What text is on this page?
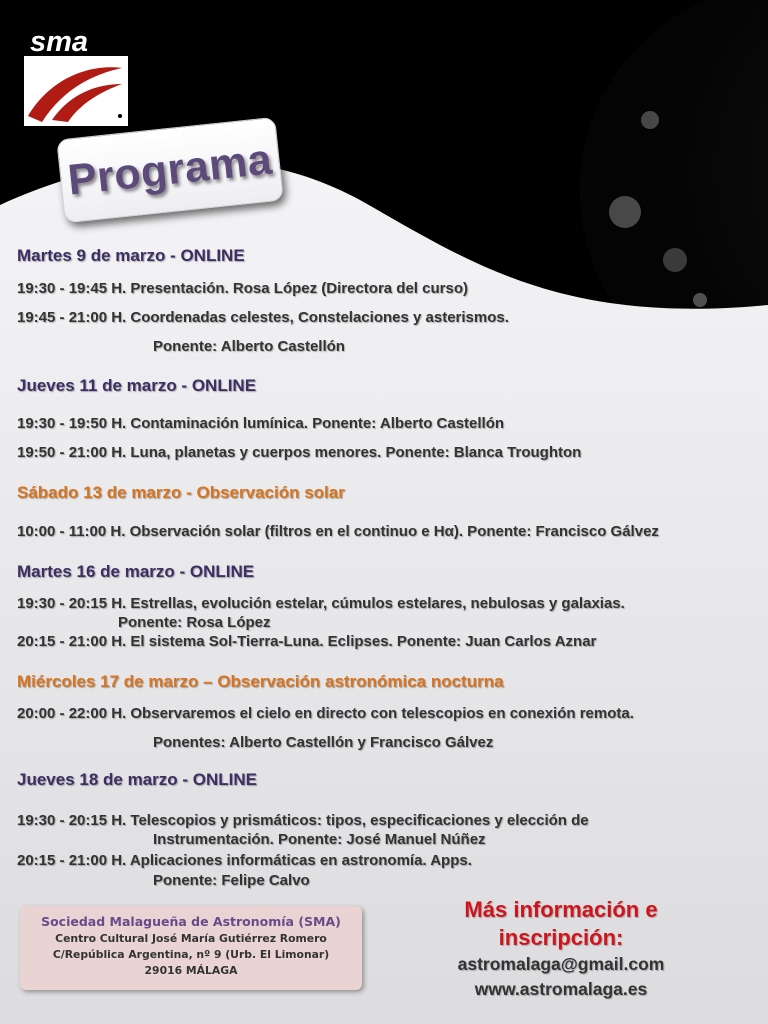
sma
Programa
Martes 9 de marzo - ONLINE
19:30 - 19:45 H. Presentación. Rosa López (Directora del curso)
19:45 - 21:00 H. Coordenadas celestes, Constelaciones y asterismos.
Ponente: Alberto Castellón
Jueves 11 de marzo - ONLINE
19:30 - 19:50 H. Contaminación lumínica. Ponente: Alberto Castellón
19:50 - 21:00 H. Luna, planetas y cuerpos menores. Ponente: Blanca Troughton
Sábado 13 de marzo - Observación solar
10:00 - 11:00 H. Observación solar (filtros en el continuo e Hα). Ponente: Francisco Gálvez
Martes 16 de marzo - ONLINE
19:30 - 20:15 H. Estrellas, evolución estelar, cúmulos estelares, nebulosas y galaxias.
Ponente: Rosa López
20:15 - 21:00 H. El sistema Sol-Tierra-Luna. Eclipses. Ponente: Juan Carlos Aznar
Miércoles 17 de marzo – Observación astronómica nocturna
20:00 - 22:00 H. Observaremos el cielo en directo con telescopios en conexión remota.
Ponentes: Alberto Castellón y Francisco Gálvez
Jueves 18 de marzo - ONLINE
19:30 - 20:15 H. Telescopios y prismáticos: tipos, especificaciones y elección de
Instrumentación. Ponente: José Manuel Núñez
20:15 - 21:00 H. Aplicaciones informáticas en astronomía. Apps.
Ponente: Felipe Calvo
Sociedad Malagueña de Astronomía (SMA)
Centro Cultural José María Gutiérrez Romero
C/República Argentina, nº 9 (Urb. El Limonar)
29016 MÁLAGA
Más información e
inscripción:
astromalaga@gmail.com
www.astromalaga.es
